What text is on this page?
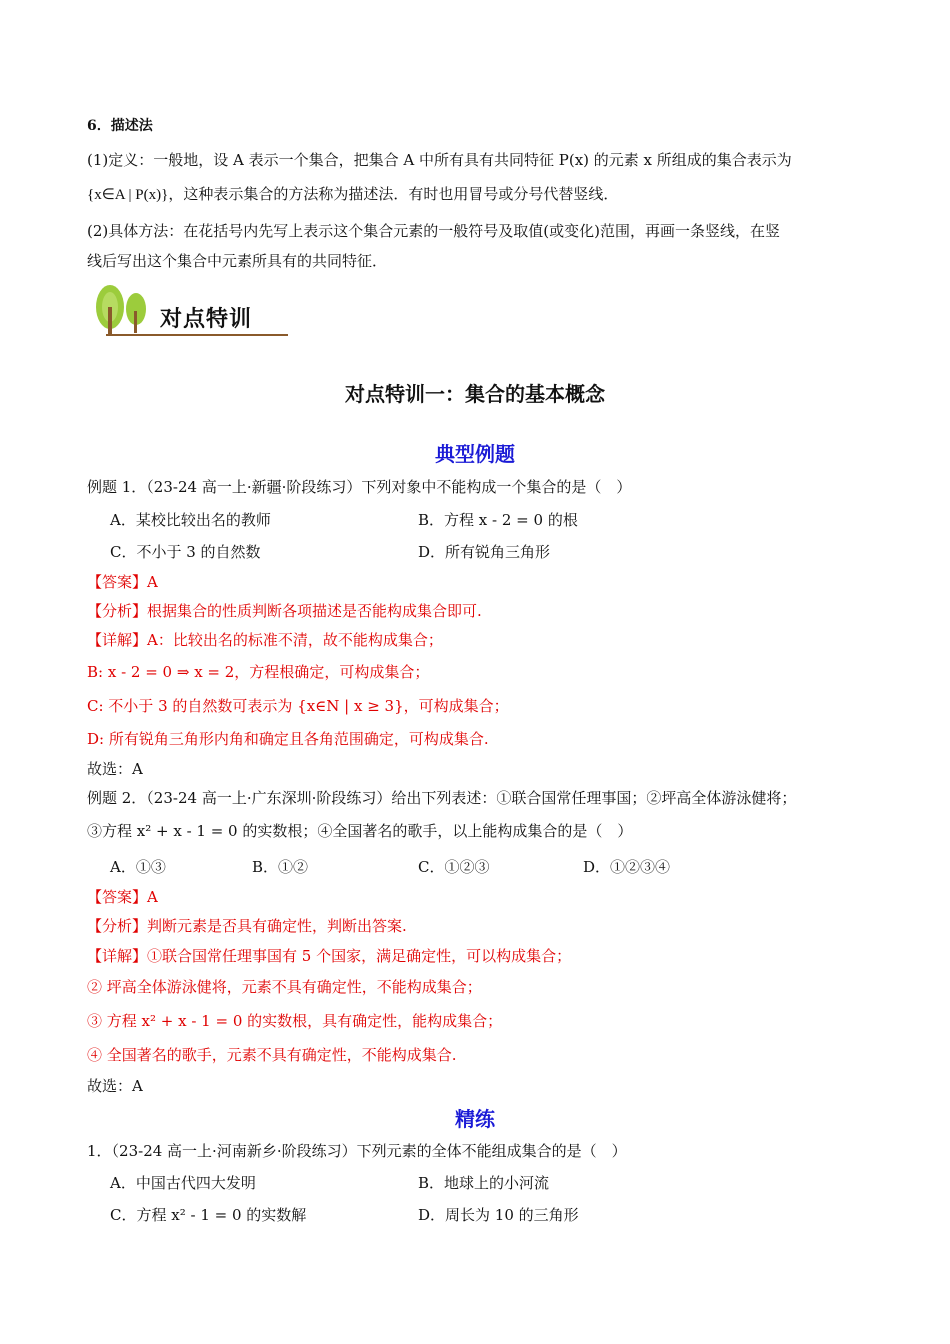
6．描述法
(1)定义：一般地，设 A 表示一个集合，把集合 A 中所有具有共同特征 P(x) 的元素 x 所组成的集合表示为
{x∈A | P(x)}，这种表示集合的方法称为描述法．有时也用冒号或分号代替竖线．
(2)具体方法：在花括号内先写上表示这个集合元素的一般符号及取值(或变化)范围，再画一条竖线，在竖
线后写出这个集合中元素所具有的共同特征．
对点特训
对点特训一：集合的基本概念
典型例题
例题 1．（23-24 高一上·新疆·阶段练习）下列对象中不能构成一个集合的是（　）
A．某校比较出名的教师	B．方程 x - 2 = 0 的根
C．不小于 3 的自然数	D．所有锐角三角形
【答案】A
【分析】根据集合的性质判断各项描述是否能构成集合即可.
【详解】A：比较出名的标准不清，故不能构成集合；
B: x - 2 = 0 ⇒ x = 2，方程根确定，可构成集合；
C: 不小于 3 的自然数可表示为 {x∈N | x ≥ 3}，可构成集合；
D: 所有锐角三角形内角和确定且各角范围确定，可构成集合.
故选：A
例题 2．（23-24 高一上·广东深圳·阶段练习）给出下列表述：①联合国常任理事国；②坪高全体游泳健将；
③方程 x² + x - 1 = 0 的实数根；④全国著名的歌手，以上能构成集合的是（　）
A．①③	B．①②	C．①②③	D．①②③④
【答案】A
【分析】判断元素是否具有确定性，判断出答案.
【详解】①联合国常任理事国有 5 个国家，满足确定性，可以构成集合；
② 坪高全体游泳健将，元素不具有确定性，不能构成集合；
③ 方程 x² + x - 1 = 0 的实数根，具有确定性，能构成集合；
④ 全国著名的歌手，元素不具有确定性，不能构成集合.
故选：A
精练
1．（23-24 高一上·河南新乡·阶段练习）下列元素的全体不能组成集合的是（　）
A．中国古代四大发明	B．地球上的小河流
C．方程 x² - 1 = 0 的实数解	D．周长为 10 的三角形
